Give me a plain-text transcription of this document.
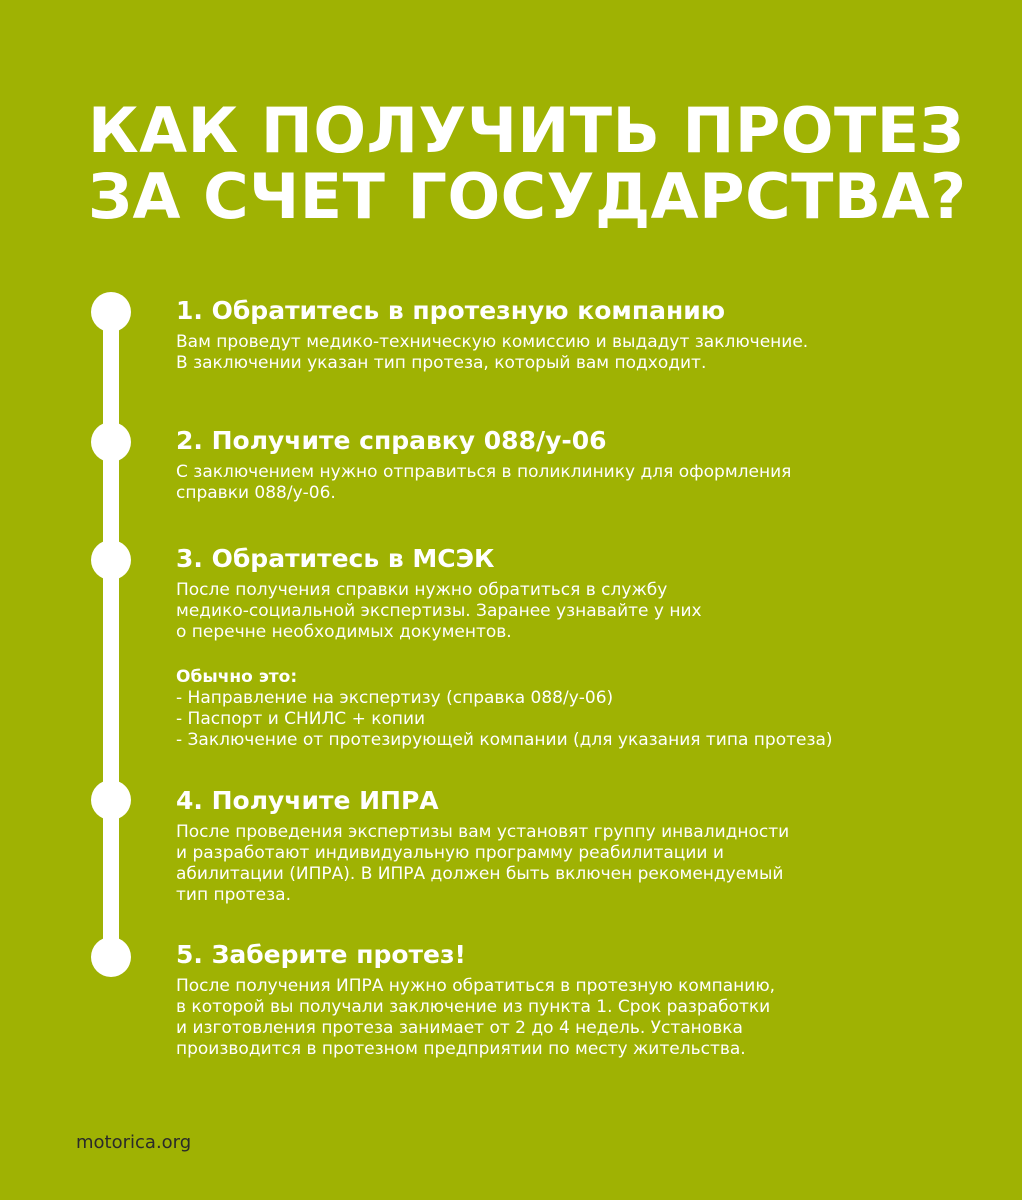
КАК ПОЛУЧИТЬ ПРОТЕЗ
ЗА СЧЕТ ГОСУДАРСТВА?
1. Обратитесь в протезную компанию

Вам проведут медико-техническую комиссию и выдадут заключение.
В заключении указан тип протеза, который вам подходит.

2. Получите справку 088/у-06

С заключением нужно отправиться в поликлинику для оформления
справки 088/у-06.

3. Обратитесь в МСЭК

После получения справки нужно обратиться в службу
медико-социальной экспертизы. Заранее узнавайте у них
о перечне необходимых документов.

Обычно это:
- Направление на экспертизу (справка 088/у-06)
- Паспорт и СНИЛС + копии
- Заключение от протезирующей компании (для указания типа протеза)
4. Получите ИПРА

После проведения экспертизы вам установят группу инвалидности
и разработают индивидуальную программу реабилитации и
абилитации (ИПРА). В ИПРА должен быть включен рекомендуемый
тип протеза.

5. Заберите протез!

После получения ИПРА нужно обратиться в протезную компанию,
в которой вы получали заключение из пункта 1. Срок разработки
и изготовления протеза занимает от 2 до 4 недель. Установка
производится в протезном предприятии по месту жительства.

motorica.org
